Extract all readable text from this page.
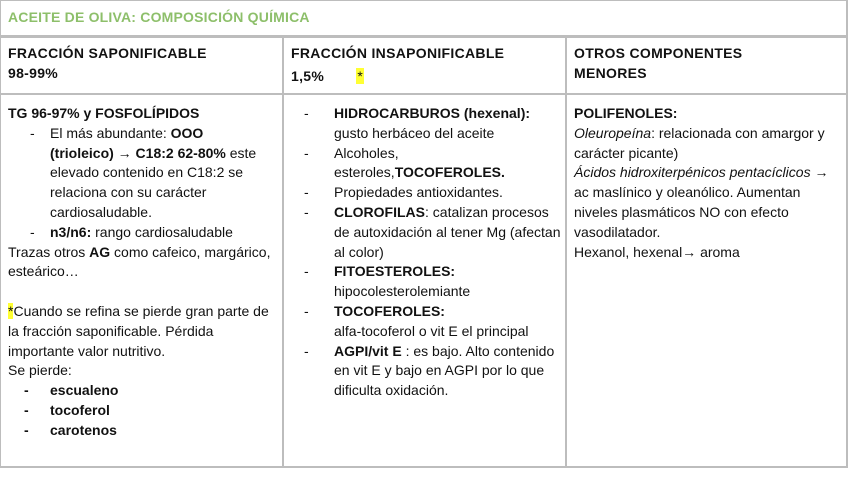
ACEITE DE OLIVA: COMPOSICIÓN QUÍMICA
FRACCIÓN SAPONIFICABLE
98-99%
FRACCIÓN INSAPONIFICABLE
1,5% *
OTROS COMPONENTES
MENORES
TG 96-97% y FOSFOLÍPIDOS
- El más abundante: OOO
(trioleico) → C18:2 62-80% este elevado contenido en C18:2 se relaciona con su carácter cardiosaludable.
- n3/n6: rango cardiosaludable
Trazas otros AG como cafeico, margárico, esteárico…
*Cuando se refina se pierde gran parte de la fracción saponificable. Pérdida importante valor nutritivo.
Se pierde:
- escualeno
- tocoferol
- carotenos
- HIDROCARBUROS (hexenal): gusto herbáceo del aceite
- Alcoholes, esteroles,TOCOFEROLES.
- Propiedades antioxidantes.
- CLOROFILAS: catalizan procesos de autoxidación al tener Mg (afectan al color)
- FITOESTEROLES:
hipocolesterolemiante
- TOCOFEROLES:
alfa-tocoferol o vit E el principal
- AGPI/vit E : es bajo. Alto contenido en vit E y bajo en AGPI por lo que dificulta oxidación.
POLIFENOLES:
Oleuropeína: relacionada con amargor y carácter picante)
Ácidos hidroxiterpénicos pentacíclicos → ac maslínico y oleanólico. Aumentan niveles plasmáticos NO con efecto vasodilatador.
Hexanol, hexenal→ aroma
